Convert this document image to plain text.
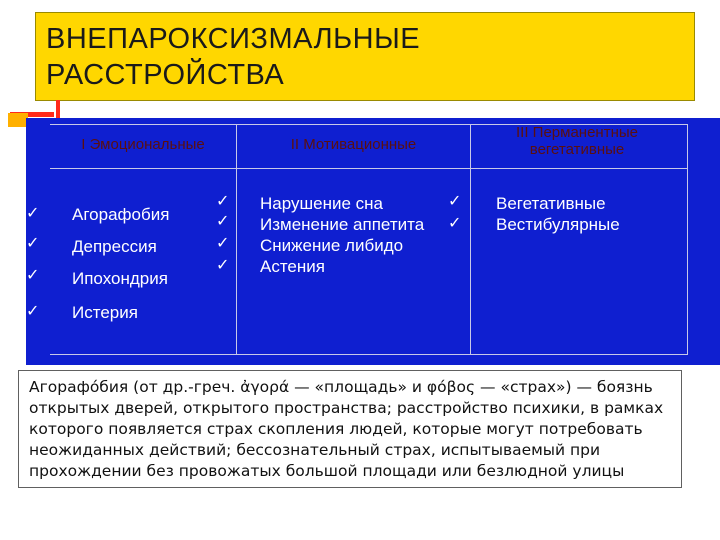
ВНЕПАРОКСИЗМАЛЬНЫЕ
РАССТРОЙСТВА
I Эмоциональные	II Мотивационные
III Перманентные вегетативные
✓
✓
✓
✓
Агорафобия
Депрессия
Ипохондрия
Истерия
✓
✓
✓
✓
Нарушение сна
Изменение аппетита
Снижение либидо
Астения
✓
✓
Вегетативные
Вестибулярные
Агорафо́бия (от др.-греч. ἀγορά — «площадь» и φόβος — «страх») — боязнь открытых дверей, открытого пространства; расстройство психики, в рамках которого появляется страх скопления людей, которые могут потребовать неожиданных действий; бессознательный страх, испытываемый при прохождении без провожатых большой площади или безлюдной улицы
